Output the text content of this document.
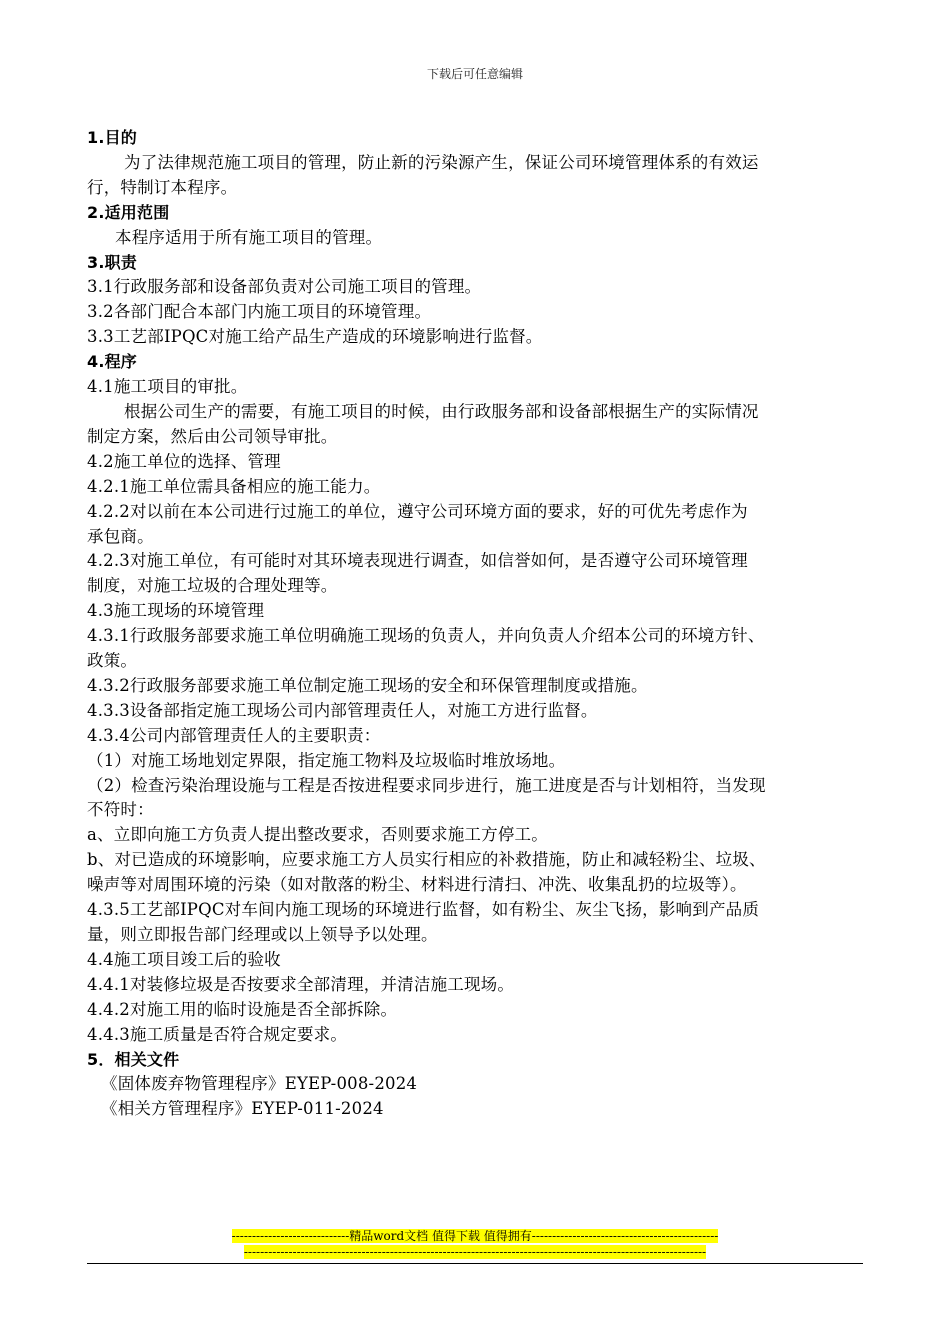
下载后可任意编辑
1.目的
为了法律规范施工项目的管理，防止新的污染源产生，保证公司环境管理体系的有效运
行，特制订本程序。
2.适用范围
本程序适用于所有施工项目的管理。
3.职责
3.1行政服务部和设备部负责对公司施工项目的管理。
3.2各部门配合本部门内施工项目的环境管理。
3.3工艺部IPQC对施工给产品生产造成的环境影响进行监督。
4.程序
4.1施工项目的审批。
根据公司生产的需要，有施工项目的时候，由行政服务部和设备部根据生产的实际情况
制定方案，然后由公司领导审批。
4.2施工单位的选择、管理
4.2.1施工单位需具备相应的施工能力。
4.2.2对以前在本公司进行过施工的单位，遵守公司环境方面的要求，好的可优先考虑作为
承包商。
4.2.3对施工单位，有可能时对其环境表现进行调查，如信誉如何，是否遵守公司环境管理
制度，对施工垃圾的合理处理等。
4.3施工现场的环境管理
4.3.1行政服务部要求施工单位明确施工现场的负责人，并向负责人介绍本公司的环境方针、
政策。
4.3.2行政服务部要求施工单位制定施工现场的安全和环保管理制度或措施。
4.3.3设备部指定施工现场公司内部管理责任人，对施工方进行监督。
4.3.4公司内部管理责任人的主要职责：
（1）对施工场地划定界限，指定施工物料及垃圾临时堆放场地。
（2）检查污染治理设施与工程是否按进程要求同步进行，施工进度是否与计划相符，当发现
不符时：
a、立即向施工方负责人提出整改要求，否则要求施工方停工。
b、对已造成的环境影响，应要求施工方人员实行相应的补救措施，防止和减轻粉尘、垃圾、
噪声等对周围环境的污染（如对散落的粉尘、材料进行清扫、冲洗、收集乱扔的垃圾等）。
4.3.5工艺部IPQC对车间内施工现场的环境进行监督，如有粉尘、灰尘飞扬，影响到产品质
量，则立即报告部门经理或以上领导予以处理。
4.4施工项目竣工后的验收
4.4.1对装修垃圾是否按要求全部清理，并清洁施工现场。
4.4.2对施工用的临时设施是否全部拆除。
4.4.3施工质量是否符合规定要求。
5．相关文件
《固体废弃物管理程序》EYEP-008-2024
《相关方管理程序》EYEP-011-2024
-----------------------------精品word文档 值得下载 值得拥有----------------------------------------------
------------------------------------------------------------------------------------------------------------------
